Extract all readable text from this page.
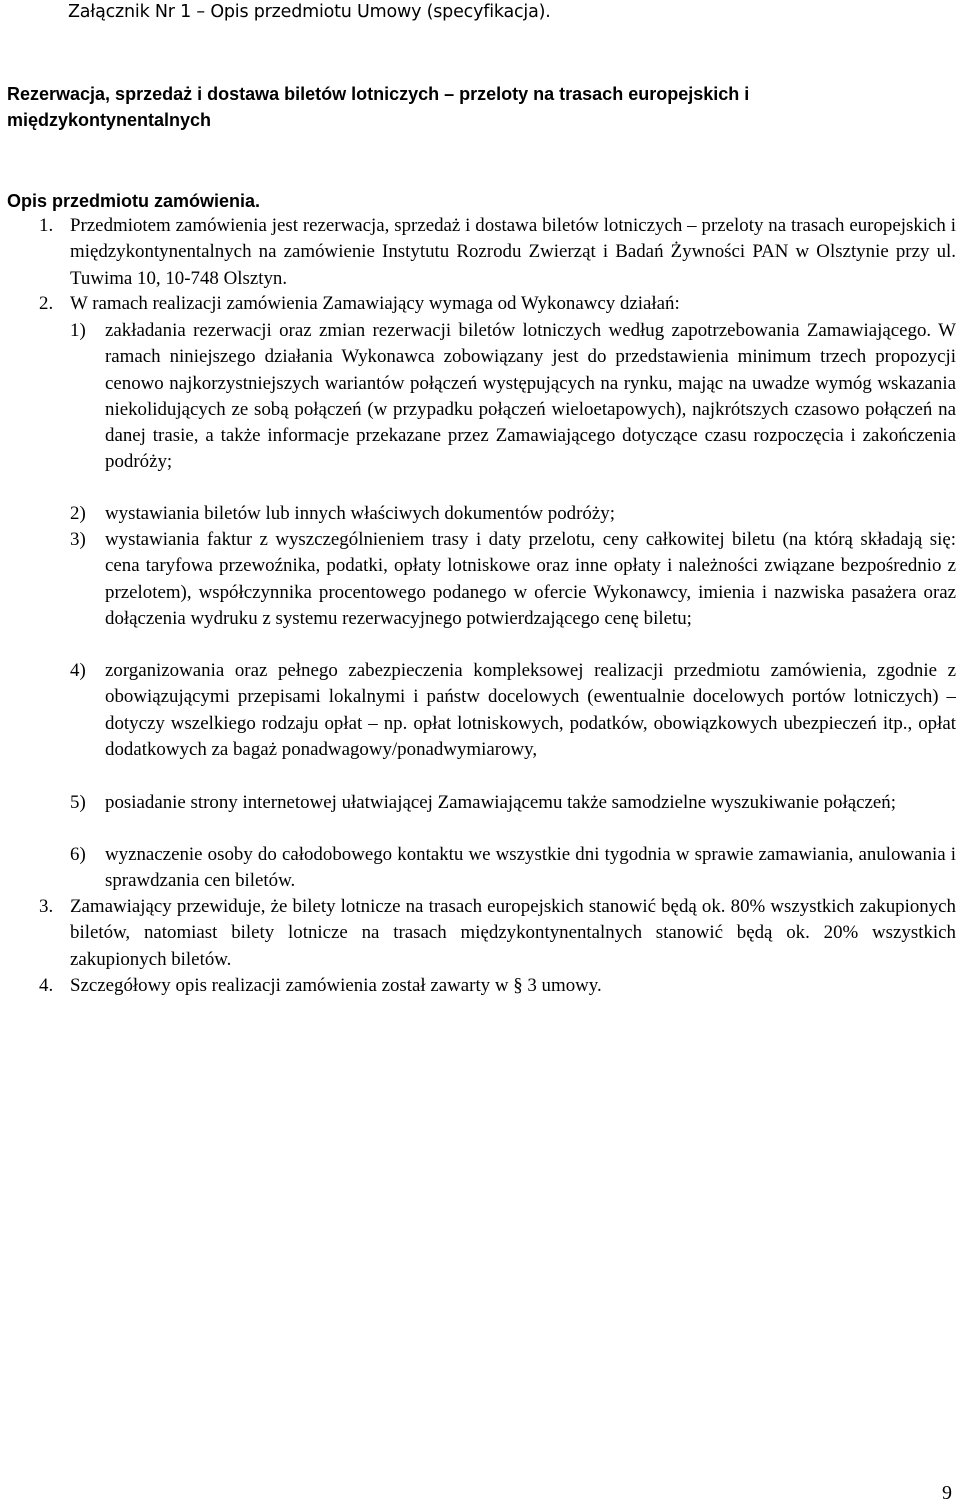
Załącznik Nr 1 – Opis przedmiotu Umowy (specyfikacja).
Rezerwacja, sprzedaż i dostawa biletów lotniczych – przeloty na trasach europejskich i międzykontynentalnych
Opis przedmiotu zamówienia.
1. Przedmiotem zamówienia jest rezerwacja, sprzedaż i dostawa biletów lotniczych – przeloty na trasach europejskich i międzykontynentalnych na zamówienie Instytutu Rozrodu Zwierząt i Badań Żywności PAN w Olsztynie przy ul. Tuwima 10, 10-748 Olsztyn.
2. W ramach realizacji zamówienia Zamawiający wymaga od Wykonawcy działań:
1) zakładania rezerwacji oraz zmian rezerwacji biletów lotniczych według zapotrzebowania Zamawiającego. W ramach niniejszego działania Wykonawca zobowiązany jest do przedstawienia minimum trzech propozycji cenowo najkorzystniejszych wariantów połączeń występujących na rynku, mając na uwadze wymóg wskazania niekolidujących ze sobą połączeń (w przypadku połączeń wieloetapowych), najkrótszych czasowo połączeń na danej trasie, a także informacje przekazane przez Zamawiającego dotyczące czasu rozpoczęcia i zakończenia podróży;
2) wystawiania biletów lub innych właściwych dokumentów podróży;
3) wystawiania faktur z wyszczególnieniem trasy i daty przelotu, ceny całkowitej biletu (na którą składają się: cena taryfowa przewoźnika, podatki, opłaty lotniskowe oraz inne opłaty i należności związane bezpośrednio z przelotem), współczynnika procentowego podanego w ofercie Wykonawcy, imienia i nazwiska pasażera oraz dołączenia wydruku z systemu rezerwacyjnego potwierdzającego cenę biletu;
4) zorganizowania oraz pełnego zabezpieczenia kompleksowej realizacji przedmiotu zamówienia, zgodnie z obowiązującymi przepisami lokalnymi i państw docelowych (ewentualnie docelowych portów lotniczych) – dotyczy wszelkiego rodzaju opłat – np. opłat lotniskowych, podatków, obowiązkowych ubezpieczeń itp., opłat dodatkowych za bagaż ponadwagowy/ponadwymiarowy,
5) posiadanie strony internetowej ułatwiającej Zamawiającemu także samodzielne wyszukiwanie połączeń;
6) wyznaczenie osoby do całodobowego kontaktu we wszystkie dni tygodnia w sprawie zamawiania, anulowania i sprawdzania cen biletów.
3. Zamawiający przewiduje, że bilety lotnicze na trasach europejskich stanowić będą ok. 80% wszystkich zakupionych biletów, natomiast bilety lotnicze na trasach międzykontynentalnych stanowić będą ok. 20% wszystkich zakupionych biletów.
4. Szczegółowy opis realizacji zamówienia został zawarty w § 3 umowy.
9
